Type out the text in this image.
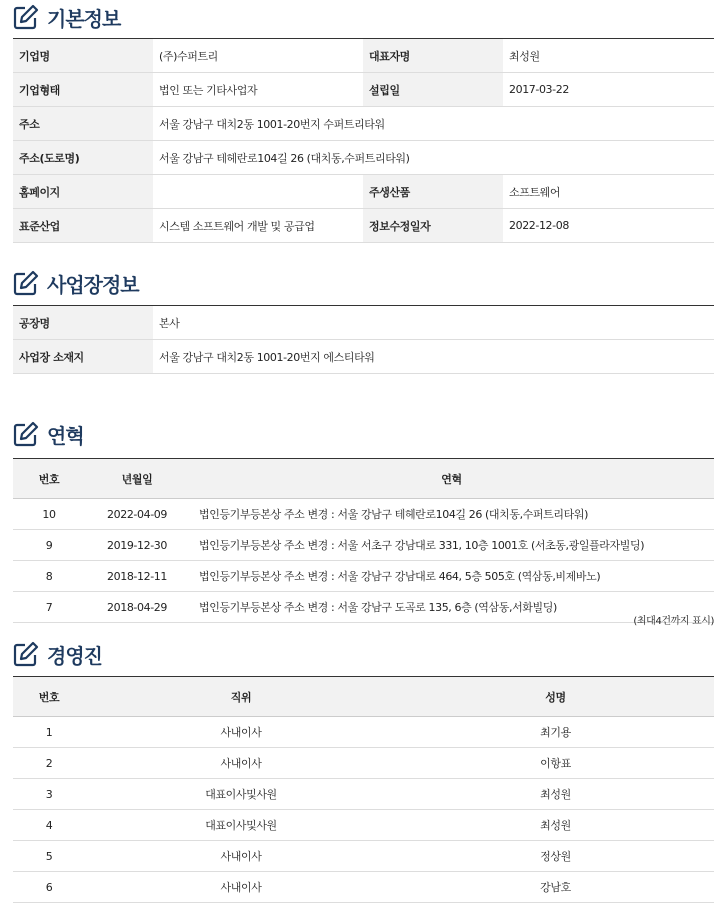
기본정보
기업명	(주)수퍼트리	대표자명	최성원
기업형태	법인 또는 기타사업자	설립일	2017-03-22
주소	서울 강남구 대치2동 1001-20번지 수퍼트리타워		
주소(도로명)	서울 강남구 테헤란로104길 26 (대치동,수퍼트리타워)		
홈페이지		주생산품	소프트웨어
표준산업	시스템 소프트웨어 개발 및 공급업	정보수정일자	2022-12-08
사업장정보
공장명	본사
사업장 소재지	서울 강남구 대치2동 1001-20번지 에스티타워
연혁
번호	년월일	연혁
10	2022-04-09	법인등기부등본상 주소 변경 : 서울 강남구 테헤란로104길 26 (대치동,수퍼트리타워)
9	2019-12-30	법인등기부등본상 주소 변경 : 서울 서초구 강남대로 331, 10층 1001호 (서초동,광일플라자빌딩)
8	2018-12-11	법인등기부등본상 주소 변경 : 서울 강남구 강남대로 464, 5층 505호 (역삼동,비제바노)
7	2018-04-29	법인등기부등본상 주소 변경 : 서울 강남구 도곡로 135, 6층 (역삼동,서화빌딩)
(최대4건까지 표시)
경영진
번호	직위	성명
1	사내이사	최기용
2	사내이사	이항표
3	대표이사및사원	최성원
4	대표이사및사원	최성원
5	사내이사	정상원
6	사내이사	강남호
